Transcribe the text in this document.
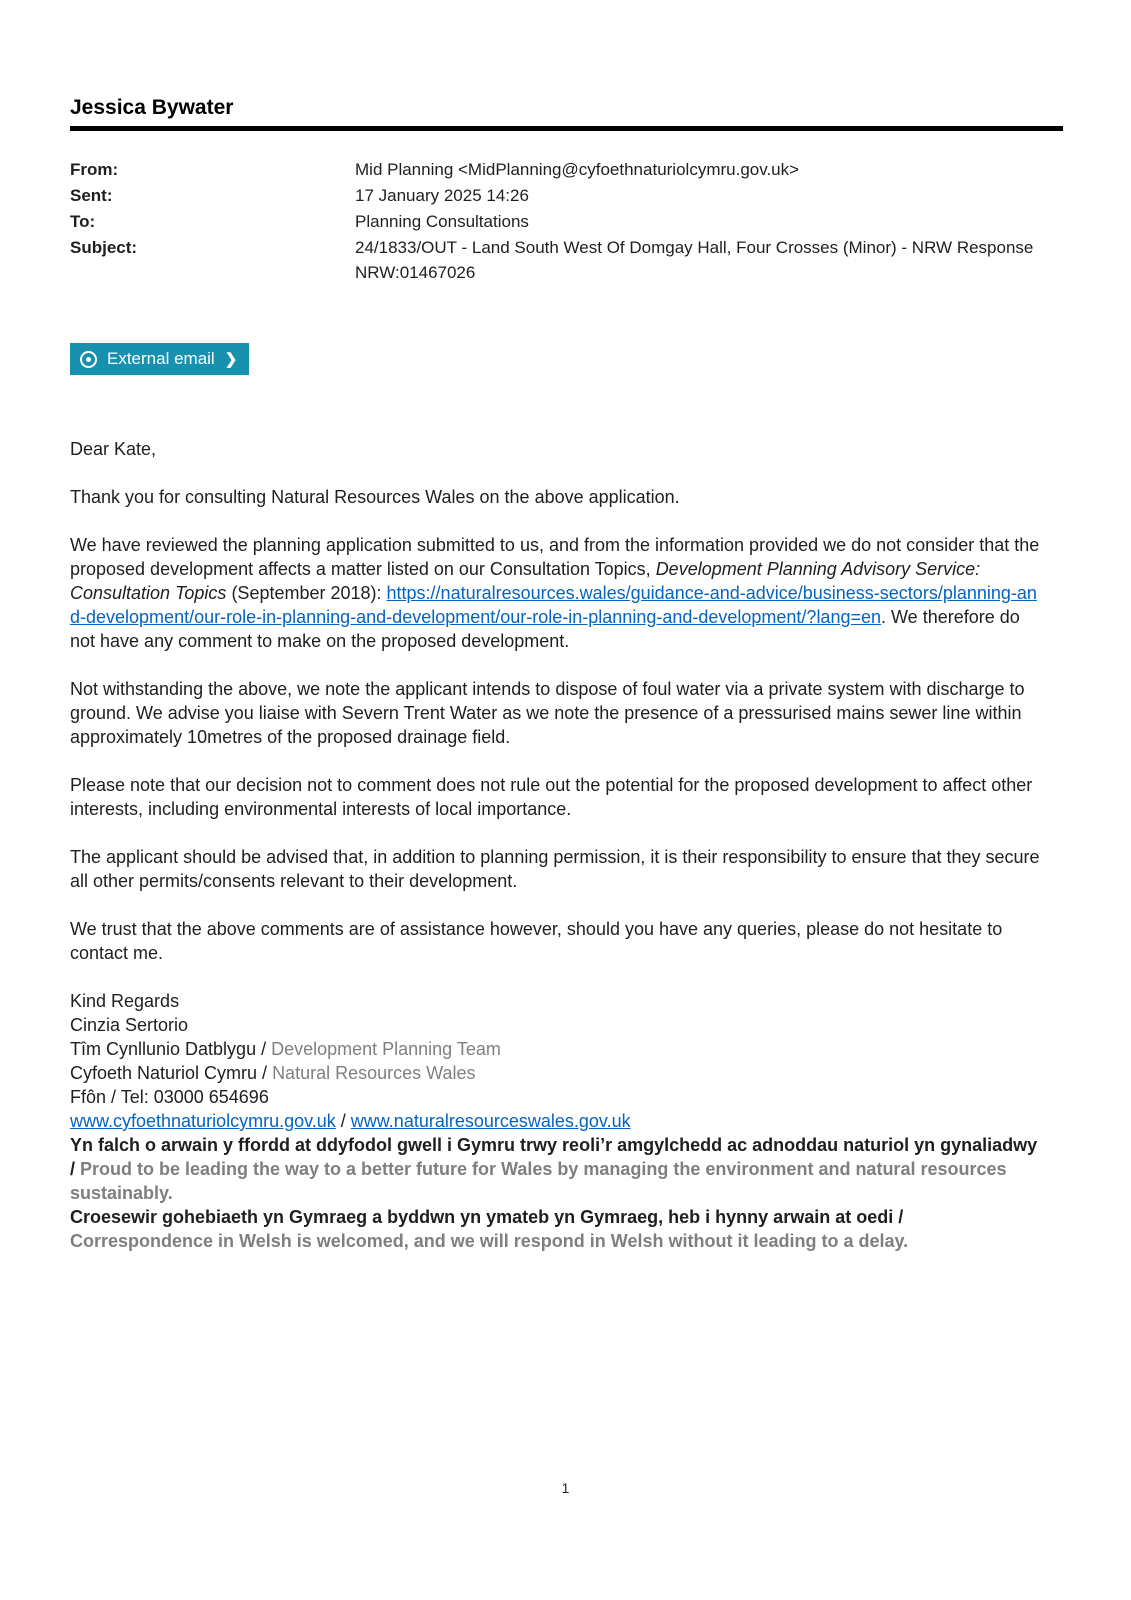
Jessica Bywater
From:	Mid Planning <MidPlanning@cyfoethnaturiolcymru.gov.uk>
Sent:	17 January 2025 14:26
To:	Planning Consultations
Subject:	24/1833/OUT - Land South West Of Domgay Hall, Four Crosses (Minor) - NRW Response NRW:01467026
External email ❯

Dear Kate,

Thank you for consulting Natural Resources Wales on the above application.

We have reviewed the planning application submitted to us, and from the information provided we do not consider that the proposed development affects a matter listed on our Consultation Topics, Development Planning Advisory Service: Consultation Topics (September 2018): https://naturalresources.wales/guidance-and-advice/business-sectors/planning-and-development/our-role-in-planning-and-development/our-role-in-planning-and-development/?lang=en. We therefore do not have any comment to make on the proposed development.

Not withstanding the above, we note the applicant intends to dispose of foul water via a private system with discharge to ground. We advise you liaise with Severn Trent Water as we note the presence of a pressurised mains sewer line within approximately 10metres of the proposed drainage field.

Please note that our decision not to comment does not rule out the potential for the proposed development to affect other interests, including environmental interests of local importance.

The applicant should be advised that, in addition to planning permission, it is their responsibility to ensure that they secure all other permits/consents relevant to their development.

We trust that the above comments are of assistance however, should you have any queries, please do not hesitate to contact me.

Kind Regards
Cinzia Sertorio
Tîm Cynllunio Datblygu / Development Planning Team
Cyfoeth Naturiol Cymru / Natural Resources Wales
Ffôn / Tel: 03000 654696
www.cyfoethnaturiolcymru.gov.uk / www.naturalresourceswales.gov.uk
Yn falch o arwain y ffordd at ddyfodol gwell i Gymru trwy reoli’r amgylchedd ac adnoddau naturiol yn gynaliadwy / Proud to be leading the way to a better future for Wales by managing the environment and natural resources sustainably.
Croesewir gohebiaeth yn Gymraeg a byddwn yn ymateb yn Gymraeg, heb i hynny arwain at oedi / Correspondence in Welsh is welcomed, and we will respond in Welsh without it leading to a delay.
1
